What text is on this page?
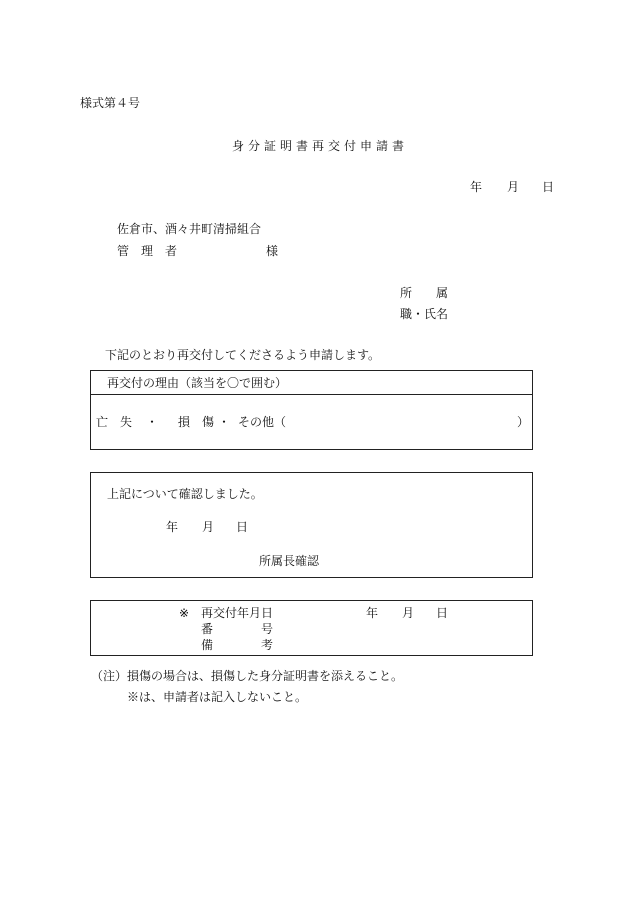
様式第４号
身分証明書再交付申請書
年 月 日
佐倉市、酒々井町清掃組合
管　理　者	様
所　　属
職・氏名
下記のとおり再交付してくださるよう申請します。
再交付の理由（該当を〇で囲む）
亡　失 ・ 損　傷 ・ その他（	）
上記について確認しました。
年 月 日
所属長確認
※ 再交付年月日	年 月 日
番　　　　号
備　　　　考
（注） 損傷の場合は、損傷した身分証明書を添えること。
※は、申請者は記入しないこと。
